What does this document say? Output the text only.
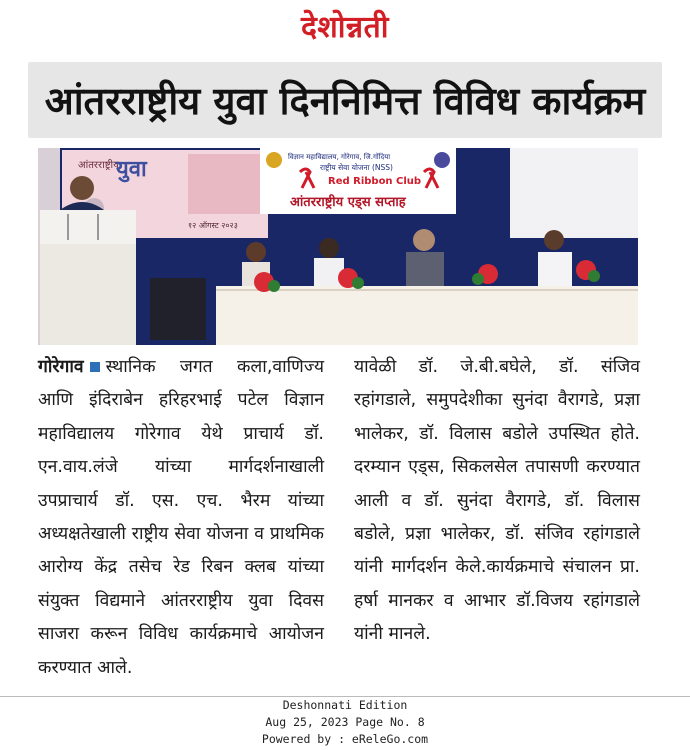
देशोन्नती
आंतरराष्ट्रीय युवा दिननिमित्त विविध कार्यक्रम
आंतरराष्ट्रीय
युवा
१२ ऑगस्ट २०२३
विज्ञान महाविद्यालय, गोरेगाव, जि.गोंदिया
राष्ट्रीय सेवा योजना (NSS)
Red Ribbon Club
आंतरराष्ट्रीय एड्स सप्ताह

गोरेगाव स्थानिक जगत कला,वाणिज्य आणि इंदिराबेन हरिहरभाई पटेल विज्ञान महाविद्यालय गोरेगाव येथे प्राचार्य डॉ. एन.वाय.लंजे यांच्या मार्गदर्शनाखाली उपप्राचार्य डॉ. एस. एच. भैरम यांच्या अध्यक्षतेखाली राष्ट्रीय सेवा योजना व प्राथमिक आरोग्य केंद्र तसेच रेड रिबन क्लब यांच्या संयुक्त विद्यमाने आंतरराष्ट्रीय युवा दिवस साजरा करून विविध कार्यक्रमाचे आयोजन करण्यात आले.

यावेळी डॉ. जे.बी.बघेले, डॉ. संजिव रहांगडाले, समुपदेशीका सुनंदा वैरागडे, प्रज्ञा भालेकर, डॉ. विलास बडोले उपस्थित होते. दरम्यान एड्स, सिकलसेल तपासणी करण्यात आली व डॉ. सुनंदा वैरागडे, डॉ. विलास बडोले, प्रज्ञा भालेकर, डॉ. संजिव रहांगडाले यांनी मार्गदर्शन केले.कार्यक्रमाचे संचालन प्रा. हर्षा मानकर व आभार डॉ.विजय रहांगडाले यांनी मानले.

Deshonnati Edition
Aug 25, 2023 Page No. 8
Powered by : eReleGo.com
